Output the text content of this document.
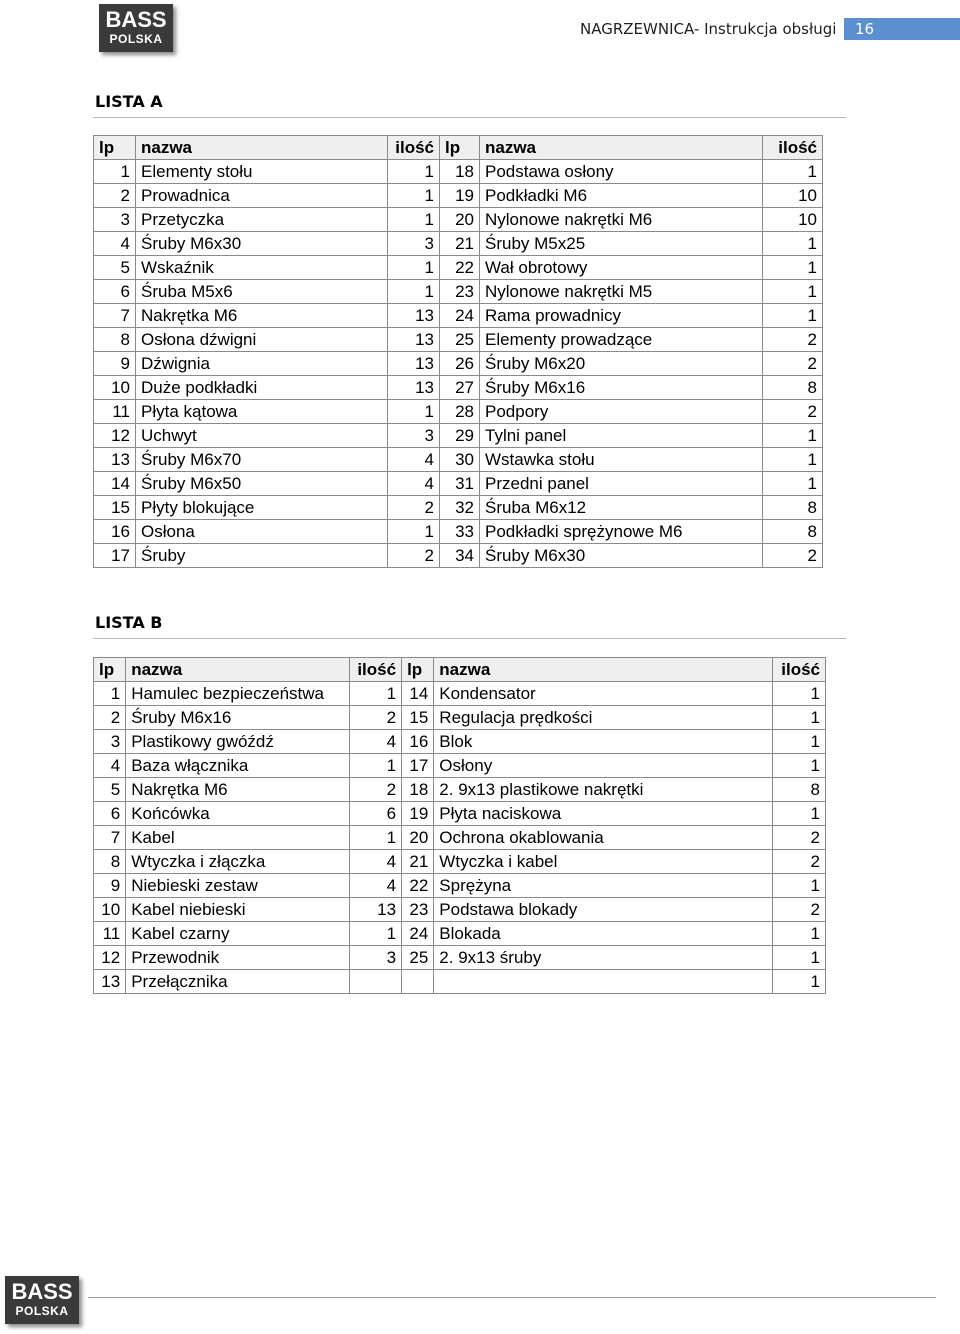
BASS
POLSKA
NAGRZEWNICA- Instrukcja obsługi	16
LISTA A
lp	nazwa	ilość	lp	nazwa	ilość
1	Elementy stołu	1	18	Podstawa osłony	1
2	Prowadnica	1	19	Podkładki M6	10
3	Przetyczka	1	20	Nylonowe nakrętki M6	10
4	Śruby M6x30	3	21	Śruby M5x25	1
5	Wskaźnik	1	22	Wał obrotowy	1
6	Śruba M5x6	1	23	Nylonowe nakrętki M5	1
7	Nakrętka M6	13	24	Rama prowadnicy	1
8	Osłona dźwigni	13	25	Elementy prowadzące	2
9	Dźwignia	13	26	Śruby M6x20	2
10	Duże podkładki	13	27	Śruby M6x16	8
11	Płyta kątowa	1	28	Podpory	2
12	Uchwyt	3	29	Tylni panel	1
13	Śruby M6x70	4	30	Wstawka stołu	1
14	Śruby M6x50	4	31	Przedni panel	1
15	Płyty blokujące	2	32	Śruba M6x12	8
16	Osłona	1	33	Podkładki sprężynowe M6	8
17	Śruby	2	34	Śruby M6x30	2
LISTA B
lp	nazwa	ilość	lp	nazwa	ilość
1	Hamulec bezpieczeństwa	1	14	Kondensator	1
2	Śruby M6x16	2	15	Regulacja prędkości	1
3	Plastikowy gwóźdź	4	16	Blok	1
4	Baza włącznika	1	17	Osłony	1
5	Nakrętka M6	2	18	2. 9x13 plastikowe nakrętki	8
6	Końcówka	6	19	Płyta naciskowa	1
7	Kabel	1	20	Ochrona okablowania	2
8	Wtyczka i złączka	4	21	Wtyczka i kabel	2
9	Niebieski zestaw	4	22	Sprężyna	1
10	Kabel niebieski	13	23	Podstawa blokady	2
11	Kabel czarny	1	24	Blokada	1
12	Przewodnik	3	25	2. 9x13 śruby	1
13	Przełącznika				1
BASS
POLSKA
